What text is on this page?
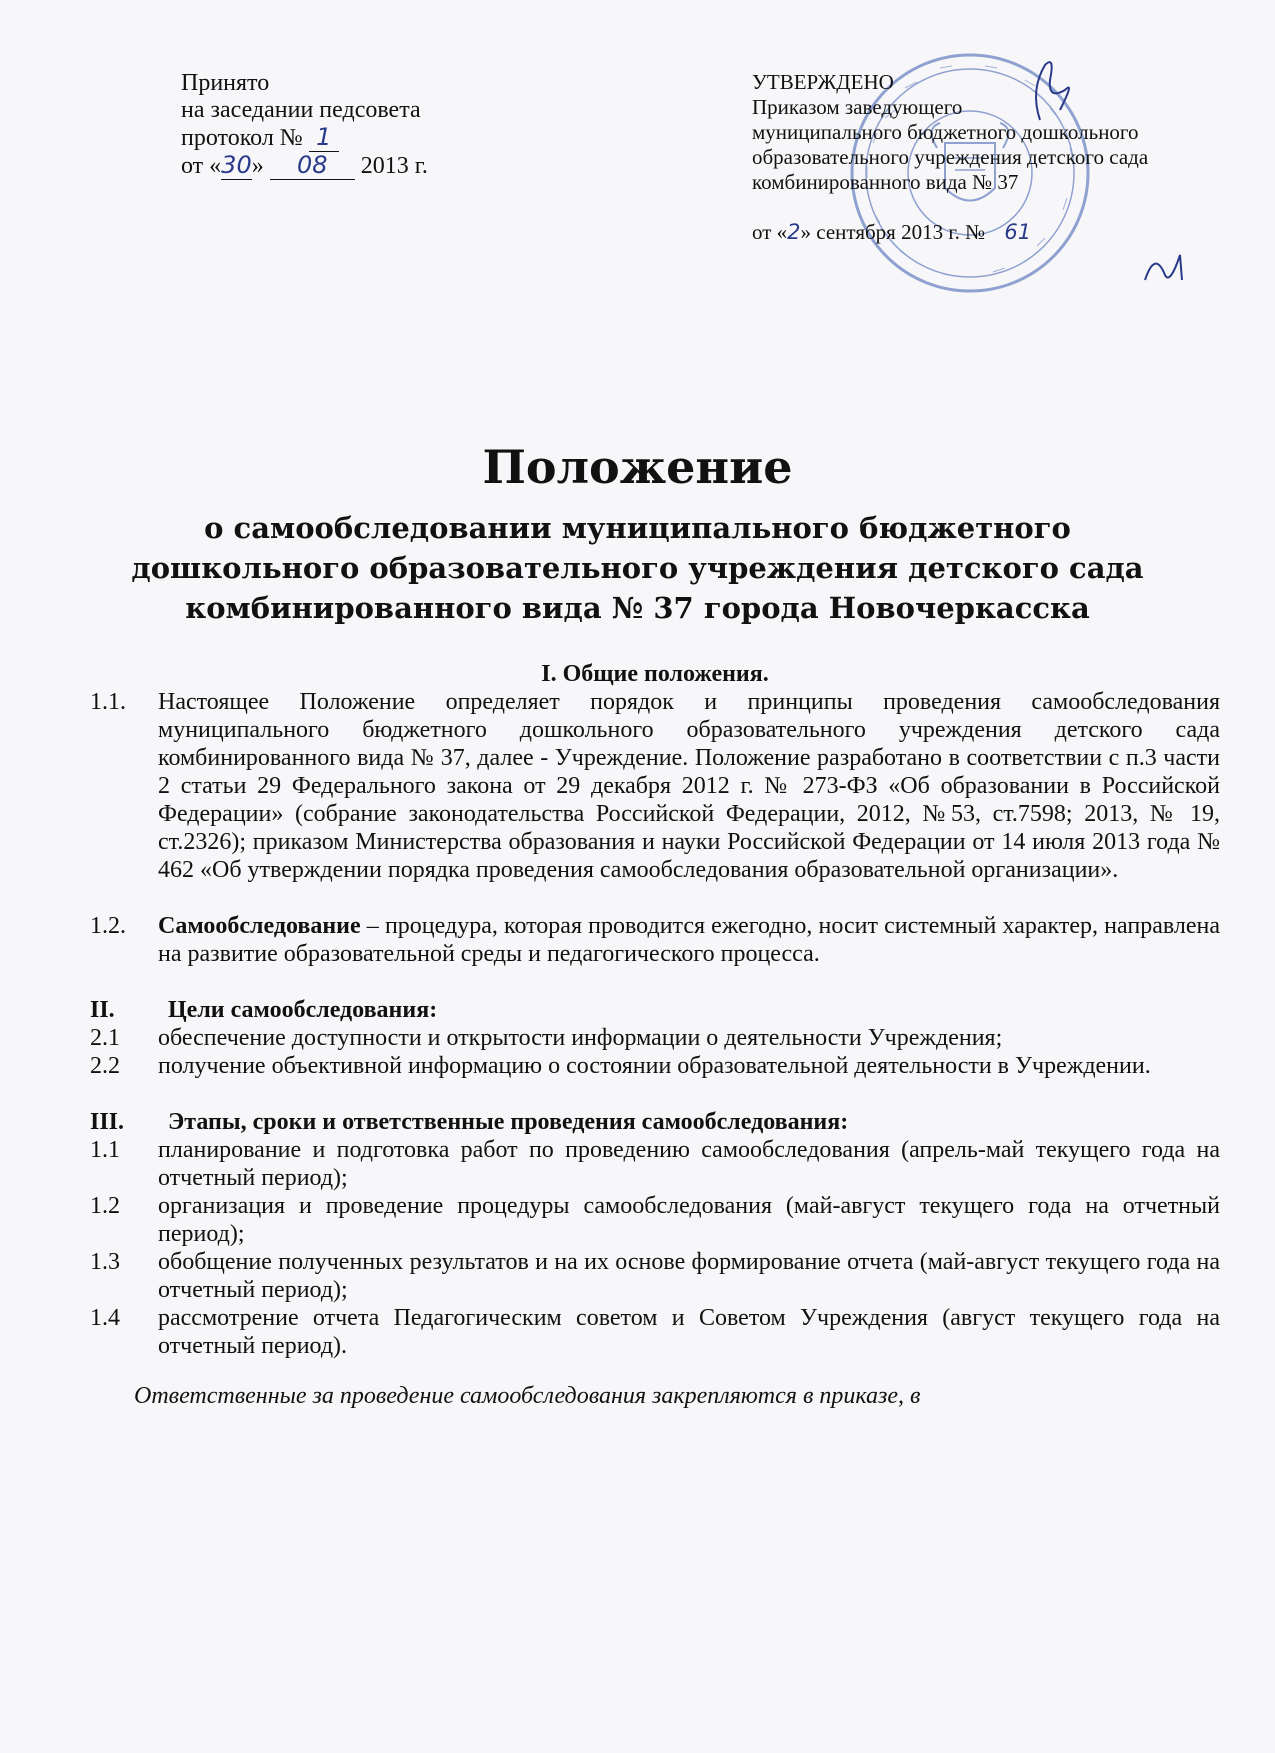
Принято
на заседании педсовета
протокол № 1
от «30» 08 2013 г.
УТВЕРЖДЕНО
Приказом заведующего
муниципального бюджетного дошкольного
образовательного учреждения детского сада
комбинированного вида № 37
от «2» сентября 2013 г. № 61
Положение
о самообследовании муниципального бюджетного дошкольного образовательного учреждения детского сада комбинированного вида № 37 города Новочеркасска

I. Общие положения.

1.1.	Настоящее Положение определяет порядок и принципы проведения самообследования муниципального бюджетного дошкольного образовательного учреждения детского сада комбинированного вида № 37, далее - Учреждение. Положение разработано в соответствии с п.3 части 2 статьи 29 Федерального закона от 29 декабря 2012 г. № 273-ФЗ «Об образовании в Российской Федерации» (собрание законодательства Российской Федерации, 2012, №53, ст.7598; 2013, № 19, ст.2326); приказом Министерства образования и науки Российской Федерации от 14 июля 2013 года № 462 «Об утверждении порядка проведения самообследования образовательной организации».
1.2.	Самообследование – процедура, которая проводится ежегодно, носит системный характер, направлена на развитие образовательной среды и педагогического процесса.
II.	Цели самообследования:
2.1	обеспечение доступности и открытости информации о деятельности Учреждения;
2.2	получение объективной информацию о состоянии образовательной деятельности в Учреждении.
III.	Этапы, сроки и ответственные проведения самообследования:
1.1	планирование и подготовка работ по проведению самообследования (апрель-май текущего года на отчетный период);
1.2	организация и проведение процедуры самообследования (май-август текущего года на отчетный период);
1.3	обобщение полученных результатов и на их основе формирование отчета (май-август текущего года на отчетный период);
1.4	рассмотрение отчета Педагогическим советом и Советом Учреждения (август текущего года на отчетный период).
Ответственные за проведение самообследования закрепляются в приказе, в
